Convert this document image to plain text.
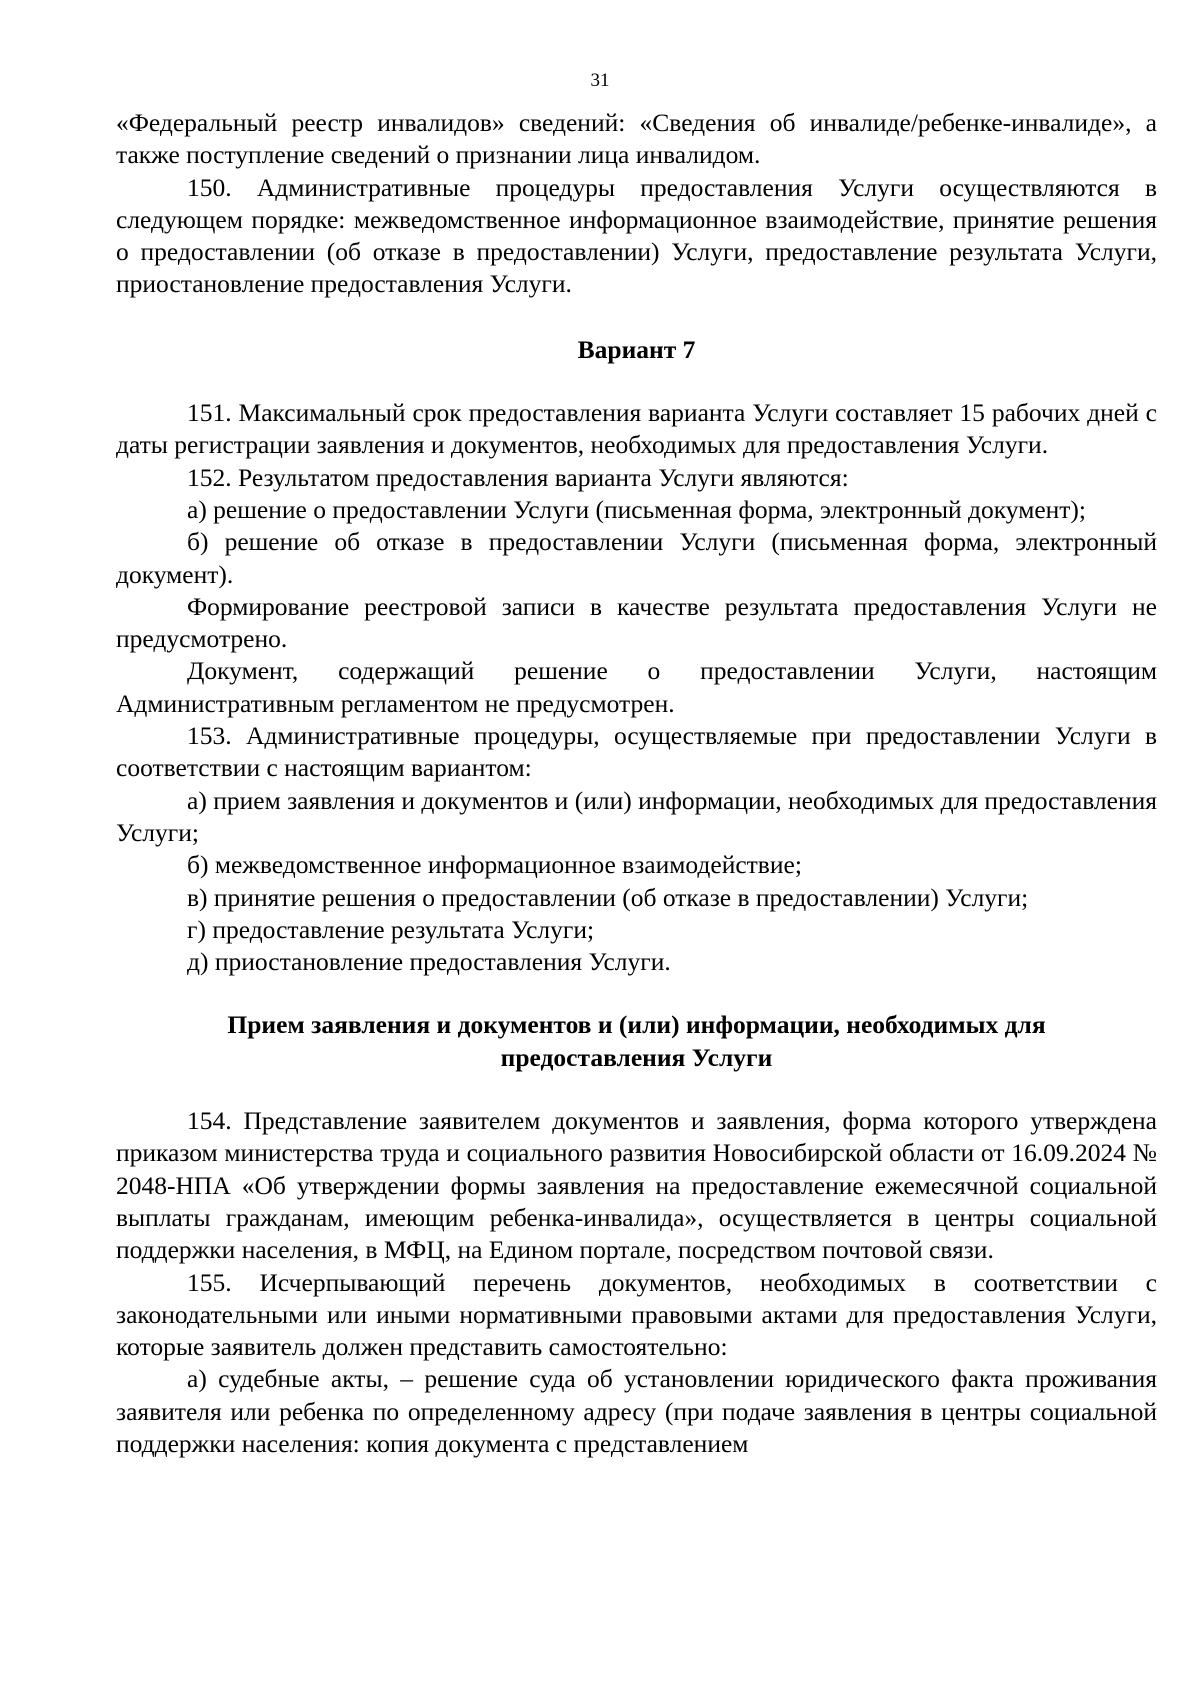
31

«Федеральный реестр инвалидов» сведений: «Сведения об инвалиде/ребенке-инвалиде», а также поступление сведений о признании лица инвалидом.

150. Административные процедуры предоставления Услуги осуществляются в следующем порядке: межведомственное информационное взаимодействие, принятие решения о предоставлении (об отказе в предоставлении) Услуги, предоставление результата Услуги, приостановление предоставления Услуги.

Вариант 7

151. Максимальный срок предоставления варианта Услуги составляет 15 рабочих дней с даты регистрации заявления и документов, необходимых для предоставления Услуги.

152. Результатом предоставления варианта Услуги являются:

а) решение о предоставлении Услуги (письменная форма, электронный документ);

б) решение об отказе в предоставлении Услуги (письменная форма, электронный документ).

Формирование реестровой записи в качестве результата предоставления Услуги не предусмотрено.

Документ, содержащий решение о предоставлении Услуги, настоящим Административным регламентом не предусмотрен.

153. Административные процедуры, осуществляемые при предоставлении Услуги в соответствии с настоящим вариантом:

а) прием заявления и документов и (или) информации, необходимых для предоставления Услуги;

б) межведомственное информационное взаимодействие;

в) принятие решения о предоставлении (об отказе в предоставлении) Услуги;

г) предоставление результата Услуги;

д) приостановление предоставления Услуги.

Прием заявления и документов и (или) информации, необходимых для предоставления Услуги

154. Представление заявителем документов и заявления, форма которого утверждена приказом министерства труда и социального развития Новосибирской области от 16.09.2024 № 2048-НПА «Об утверждении формы заявления на предоставление ежемесячной социальной выплаты гражданам, имеющим ребенка-инвалида», осуществляется в центры социальной поддержки населения, в МФЦ, на Едином портале, посредством почтовой связи.

155. Исчерпывающий перечень документов, необходимых в соответствии с законодательными или иными нормативными правовыми актами для предоставления Услуги, которые заявитель должен представить самостоятельно:

а) судебные акты, – решение суда об установлении юридического факта проживания заявителя или ребенка по определенному адресу (при подаче заявления в центры социальной поддержки населения: копия документа с представлением
